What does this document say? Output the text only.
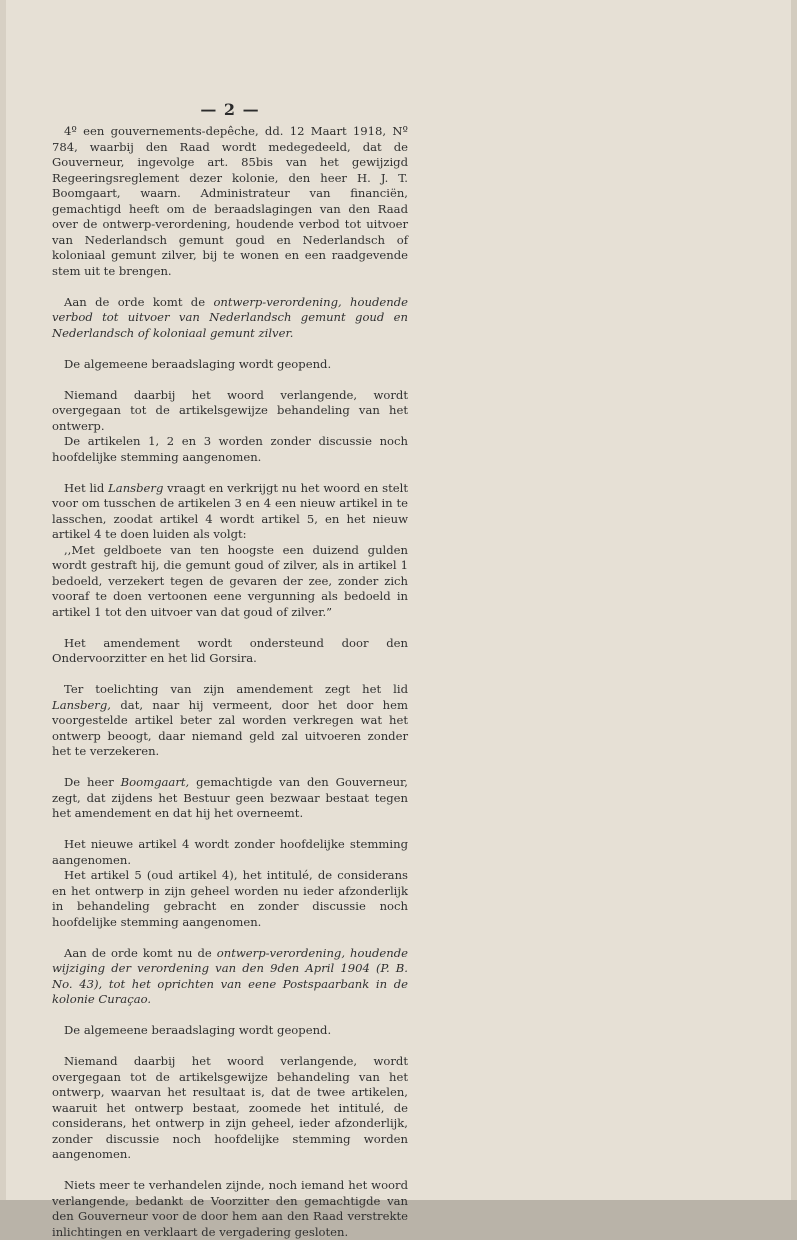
— 2 —

4º een gouvernements-depêche, dd. 12 Maart 1918, Nº 784, waarbij den Raad wordt medegedeeld, dat de Gouverneur, ingevolge art. 85bis van het gewijzigd Regeeringsreglement dezer kolonie, den heer H. J. T. Boomgaart, waarn. Administrateur van financiën, gemachtigd heeft om de beraadslagingen van den Raad over de ontwerp-verordening, houdende verbod tot uitvoer van Nederlandsch gemunt goud en Nederlandsch of koloniaal gemunt zilver, bij te wonen en een raadgevende stem uit te brengen.

Aan de orde komt de ontwerp-verordening, houdende verbod tot uitvoer van Nederlandsch gemunt goud en Nederlandsch of koloniaal gemunt zilver.

De algemeene beraadslaging wordt geopend.

Niemand daarbij het woord verlangende, wordt overgegaan tot de artikelsgewijze behandeling van het ontwerp.

De artikelen 1, 2 en 3 worden zonder discussie noch hoofdelijke stemming aangenomen.

Het lid Lansberg vraagt en verkrijgt nu het woord en stelt voor om tusschen de artikelen 3 en 4 een nieuw artikel in te lasschen, zoodat artikel 4 wordt artikel 5, en het nieuw artikel 4 te doen luiden als volgt:

,,Met geldboete van ten hoogste een duizend gulden wordt gestraft hij, die gemunt goud of zilver, als in artikel 1 bedoeld, verzekert tegen de gevaren der zee, zonder zich vooraf te doen vertoonen eene vergunning als bedoeld in artikel 1 tot den uitvoer van dat goud of zilver.”

Het amendement wordt ondersteund door den Ondervoorzitter en het lid Gorsira.

Ter toelichting van zijn amendement zegt het lid Lansberg, dat, naar hij vermeent, door het door hem voorgestelde artikel beter zal worden verkregen wat het ontwerp beoogt, daar niemand geld zal uitvoeren zonder het te verzekeren.

De heer Boomgaart, gemachtigde van den Gouverneur, zegt, dat zijdens het Bestuur geen bezwaar bestaat tegen het amendement en dat hij het overneemt.

Het nieuwe artikel 4 wordt zonder hoofdelijke stemming aangenomen.

Het artikel 5 (oud artikel 4), het intitulé, de considerans en het ontwerp in zijn geheel worden nu ieder afzonderlijk in behandeling gebracht en zonder discussie noch hoofdelijke stemming aangenomen.

Aan de orde komt nu de ontwerp-verordening, houdende wijziging der verordening van den 9den April 1904 (P. B. No. 43), tot het oprichten van eene Postspaarbank in de kolonie Curaçao.

De algemeene beraadslaging wordt geopend.

Niemand daarbij het woord verlangende, wordt overgegaan tot de artikelsgewijze behandeling van het ontwerp, waarvan het resultaat is, dat de twee artikelen, waaruit het ontwerp bestaat, zoomede het intitulé, de considerans, het ontwerp in zijn geheel, ieder afzonderlijk, zonder discussie noch hoofdelijke stemming worden aangenomen.

Niets meer te verhandelen zijnde, noch iemand het woord verlangende, bedankt de Voorzitter den gemachtigde van den Gouverneur voor de door hem aan den Raad verstrekte inlichtingen en verklaart de vergadering gesloten.
